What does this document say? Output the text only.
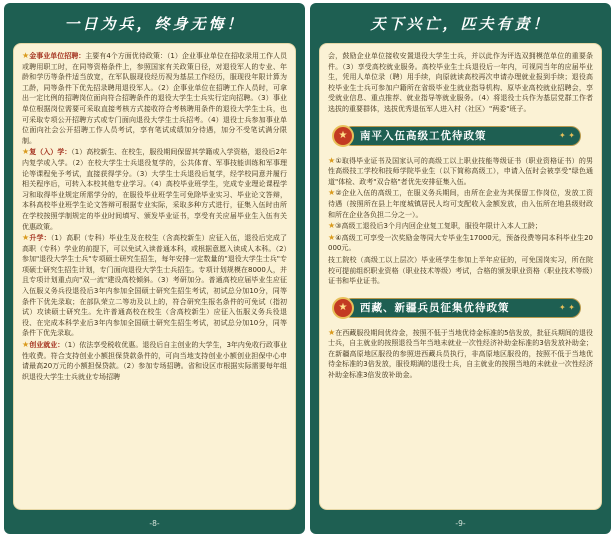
一日为兵，终身无悔！

★金事业单位招聘：主要有4个方面优待政策：（1）企业事业单位在招收录用工作人员或聘用职工时，在同等资格条件上，参照国家有关政策日径，对退役军人的专业、年龄和学历等条件适当放宽，在军队服现役经历视为基层工作经历，服现役年限计算为工龄，同等条件下优先招录聘用退役军人。（2）企事业单位在招聘工作人员时，可拿出一定比例的招聘岗位面向符合招聘条件的退役大学生士兵实行定向招聘。（3）事业单位根据岗位需要可采取直接考核方式接收符合考核聘用条件的退役大学生士兵，也可采取专项公开招聘方式或专门面向退役大学生士兵招考。（4）退役士兵参加事业单位面向社会公开招聘工作人员考试，享有笔试成绩加分待遇，加分不受笔试满分限制。

★复（入）学：（1）高校新生、在校生，服役期间保留其学籍或入学资格，退役后2年内复学或入学。（2）在校大学生士兵退役复学的，公共体育、军事技能训练和军事理论等课程免予考试，直接获得学分。（3）大学生士兵退役后复学，经学校同意并履行相关程序后，可转入本校其他专业学习。（4）高校毕业班学生，完成专业理论课程学习和取得毕业规定所需学分的，在服役毕业班学生可免除毕业实习、毕业论文答辩，本科高校毕业班学生论文答辩可根据专业实际，采取多种方式进行，征集入伍时由所在学校按照学制规定的毕业时间填写、颁发毕业证书，享受有关应届毕业生入伍有关优惠政策。

★升学：（1）高职（专科）毕业生及在校生（含高校新生）应征入伍，退役后完成了高职（专科）学业的前提下，可以免试入读普通本科，或根据意愿入读成人本科。（2）参加"退役大学生士兵"专项硕士研究生招生，每年安排一定数量的"退役大学生士兵"专项硕士研究生招生计划，专门面向退役大学生士兵招生。专项计划规模在8000人，并且专项计划重点向"双一流"建设高校倾斜。（3）考研加分。普通高校应届毕业生应征入伍服义务兵役退役后3年内参加全国硕士研究生招生考试，初试总分加10分，同等条件下优先录取；在部队荣立二等功及以上的，符合研究生报名条件的可免试（指初试）攻读硕士研究生。允许普通高校在校生（含高校新生）应征入伍服义务兵役退役、在完成本科学业后3年内参加全国硕士研究生招生考试，初试总分加10分，同等条件下优先录取。

★创业就业：（1）依法享受税收优惠。退役后自主创业的大学生，3年内免收行政事业性收费。符合支持创业小额担保贷款条件的，可向当地支持创业小额创业担保中心申请最高20万元的小额担保贷款。（2）参加专场招聘。省和设区市根据实际需要每年组织退役大学生士兵就业专场招聘

-8-
天下兴亡，匹夫有责！

会，鼓励企业单位接收安置退役大学生士兵，并以此作为评选双拥模范单位的重要条件。（3）享受高校就业服务。高校毕业生士兵退役后一年内，可视同当年的应届毕业生，凭用人单位录（聘）用手续，向原就读高校再次申请办理就业报到手续；退役高校毕业生士兵可参加户籍所在省级毕业生就业指导机构、原毕业高校就业招聘会，享受就业信息、重点推荐、就业指导等就业服务。（4）将退役士兵作为基层党群工作者选拔的重要群体，选拔优秀退伍军人进入村（社区）"两委"班子。

★	南平入伍高级工优待政策	✦ ✦

★①取得毕业证书及国家认可的高级工以上职业技能等级证书（职业资格证书）的男性高级技工学校和技师学院毕业生（以下简称高级工），申请入伍时会被享受"绿色通道"体检、政考"双合格"者优先安排征集入伍。

★②企业入伍的高级工，在服义务兵期间，由所在企业为其保留工作岗位，发放工资待遇（按照所在县上年度城镇居民人均可支配收入金额发放，由入伍所在地县级财政和所在企业各负担二分之一）。

★③高级工退役后3个月内回企业复工复职，服役年限计入本人工龄；

★④高级工可享受一次奖励金等同大专毕业生17000元，预备役费等同本科毕业生20000元。

技工院校（高级工以上层次）毕业班学生参加上半年应征的，可免国岗实习，所在院校可提前组织职业资格（职业技术等级）考试，合格的颁发职业资格（职业技术等级）证书和毕业证书。

★	西藏、新疆兵员征集优待政策	✦ ✦

★在西藏服役期间优待金，按照不低于当地优待金标准的5倍发放，批征兵期间的退役士兵，自主就业的按照退役当年当地未就业一次性经济补助金标准的3倍发放补助金；在新疆高原地区服役的参照进西藏兵员执行，非高原地区服役的，按照不低于当地优待金标准的3倍发放，服役期满的退役士兵，自主就业的按照当地的未就业一次性经济补助金标准3倍发放补助金。

-9-
